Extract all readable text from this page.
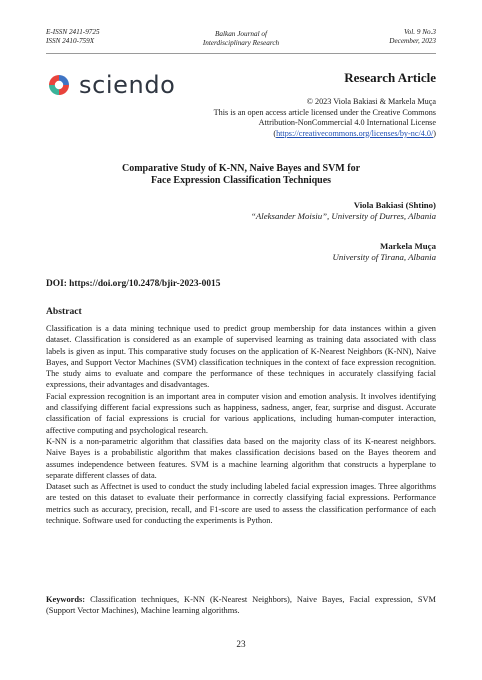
E-ISSN 2411-9725
ISSN 2410-759X
Balkan Journal of
Interdisciplinary Research
Vol. 9 No.3
December, 2023
sciendo	Research Article
© 2023 Viola Bakiasi & Markela Muça
This is an open access article licensed under the Creative Commons
Attribution-NonCommercial 4.0 International License
(https://creativecommons.org/licenses/by-nc/4.0/)
Comparative Study of K-NN, Naive Bayes and SVM for
Face Expression Classification Techniques
Viola Bakiasi (Shtino)
“Aleksander Moisiu”, University of Durres, Albania
Markela Muça
University of Tirana, Albania
DOI: https://doi.org/10.2478/bjir-2023-0015
Abstract

Classification is a data mining technique used to predict group membership for data instances within a given dataset. Classification is considered as an example of supervised learning as training data associated with class labels is given as input. This comparative study focuses on the application of K-Nearest Neighbors (K-NN), Naive Bayes, and Support Vector Machines (SVM) classification techniques in the context of face expression recognition. The study aims to evaluate and compare the performance of these techniques in accurately classifying facial expressions, their advantages and disadvantages.

Facial expression recognition is an important area in computer vision and emotion analysis. It involves identifying and classifying different facial expressions such as happiness, sadness, anger, fear, surprise and disgust. Accurate classification of facial expressions is crucial for various applications, including human-computer interaction, affective computing and psychological research.

K-NN is a non-parametric algorithm that classifies data based on the majority class of its K-nearest neighbors. Naive Bayes is a probabilistic algorithm that makes classification decisions based on the Bayes theorem and assumes independence between features. SVM is a machine learning algorithm that constructs a hyperplane to separate different classes of data.

Dataset such as Affectnet is used to conduct the study including labeled facial expression images. Three algorithms are tested on this dataset to evaluate their performance in correctly classifying facial expressions. Performance metrics such as accuracy, precision, recall, and F1-score are used to assess the classification performance of each technique. Software used for conducting the experiments is Python.

Keywords: Classification techniques, K-NN (K-Nearest Neighbors), Naive Bayes, Facial expression, SVM (Support Vector Machines), Machine learning algorithms.
23
